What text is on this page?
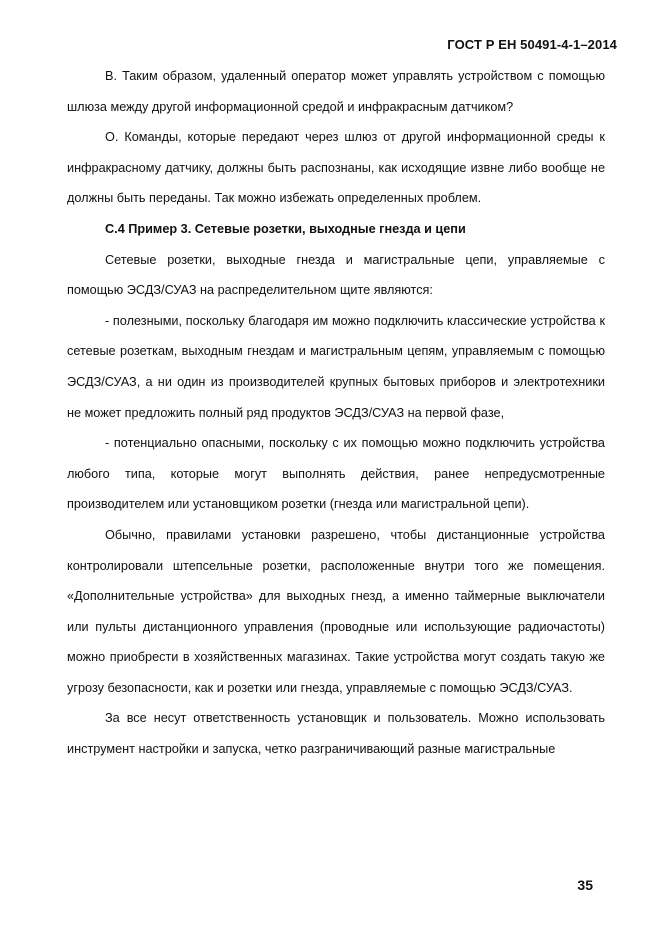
ГОСТ Р ЕН 50491-4-1–2014

В. Таким образом, удаленный оператор может управлять устройством с помощью шлюза между другой информационной средой и инфракрасным датчиком?

О. Команды, которые передают через шлюз от другой информационной среды к инфракрасному датчику, должны быть распознаны, как исходящие извне либо вообще не должны быть переданы. Так можно избежать определенных проблем.

С.4 Пример 3. Сетевые розетки, выходные гнезда и цепи

Сетевые розетки, выходные гнезда и магистральные цепи, управляемые с помощью ЭСДЗ/СУАЗ на распределительном щите являются:

- полезными, поскольку благодаря им можно подключить классические устройства к сетевые розеткам, выходным гнездам и магистральным цепям, управляемым с помощью ЭСДЗ/СУАЗ, а ни один из производителей крупных бытовых приборов и электротехники не может предложить полный ряд продуктов ЭСДЗ/СУАЗ на первой фазе,

- потенциально опасными, поскольку с их помощью можно подключить устройства любого типа, которые могут выполнять действия, ранее непредусмотренные производителем или установщиком розетки (гнезда или магистральной цепи).

Обычно, правилами установки разрешено, чтобы дистанционные устройства контролировали штепсельные розетки, расположенные внутри того же помещения. «Дополнительные устройства» для выходных гнезд, а именно таймерные выключатели или пульты дистанционного управления (проводные или использующие радиочастоты) можно приобрести в хозяйственных магазинах. Такие устройства могут создать такую же угрозу безопасности, как и розетки или гнезда, управляемые с помощью ЭСДЗ/СУАЗ.

За все несут ответственность установщик и пользователь. Можно использовать инструмент настройки и запуска, четко разграничивающий разные магистральные

35
